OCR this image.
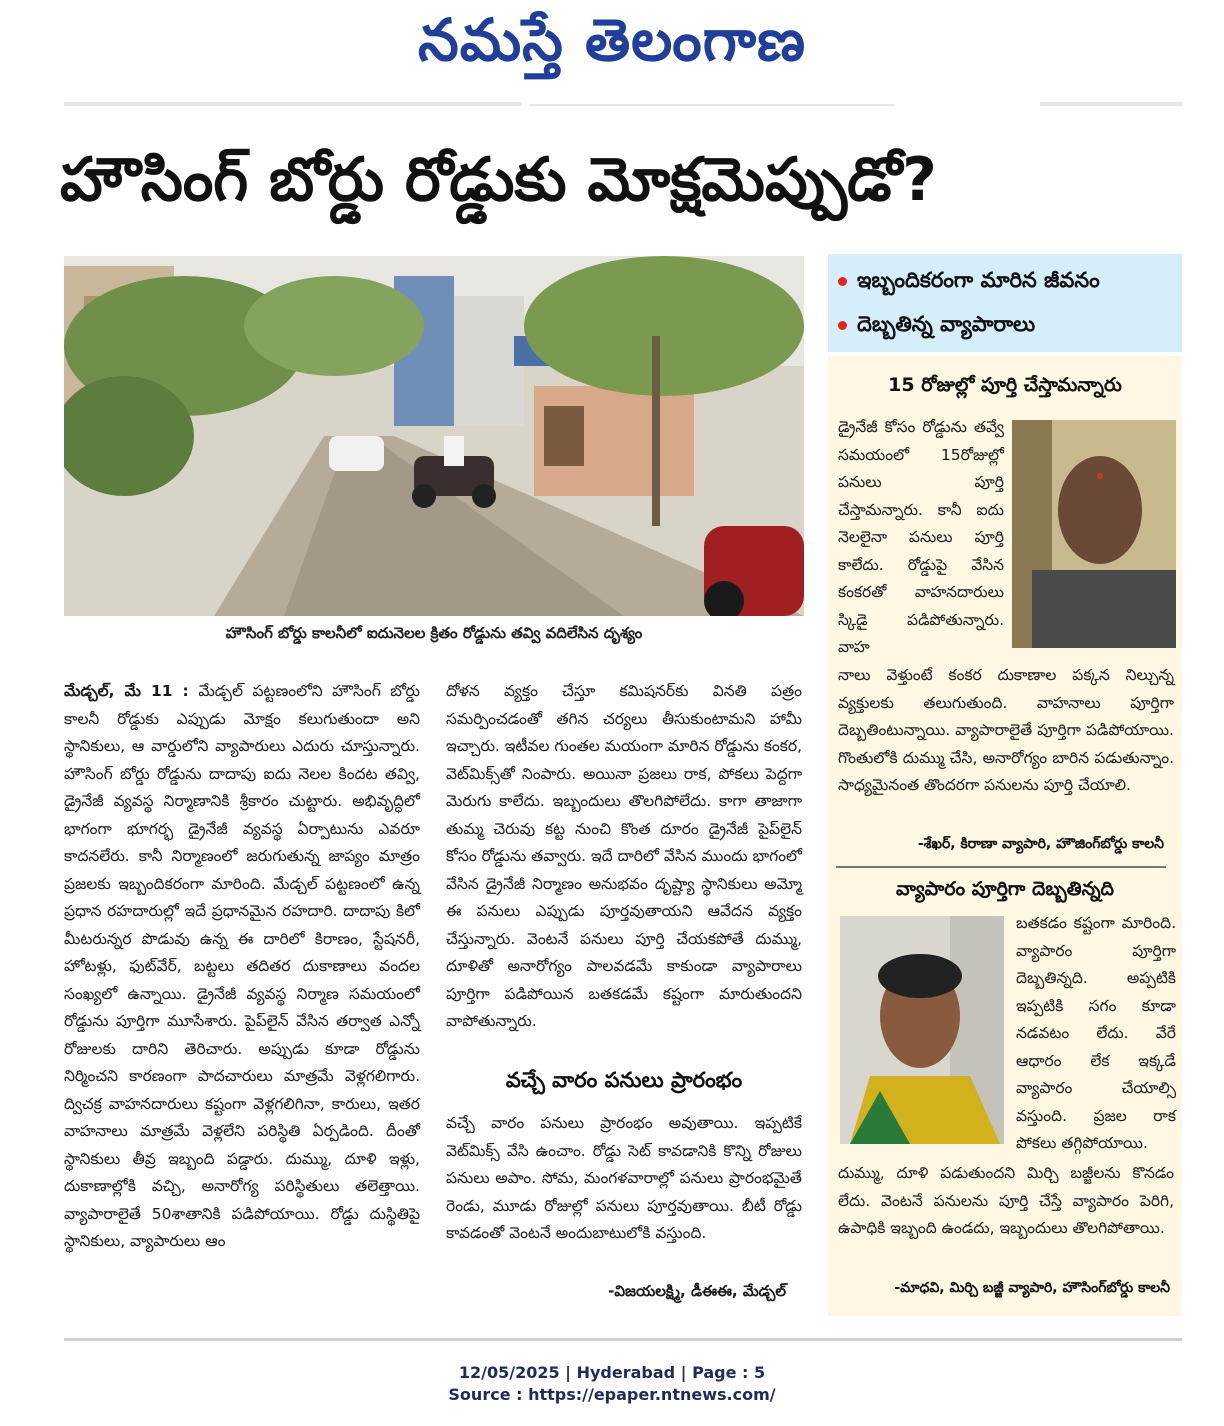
నమస్తే తెలంగాణ
హౌసింగ్ బోర్డు రోడ్డుకు మోక్షమెప్పుడో?
హౌసింగ్ బోర్డు కాలనీలో ఐదునెలల క్రితం రోడ్డును తవ్వి వదిలేసిన దృశ్యం

మేడ్చల్, మే 11 : మేడ్చల్ పట్టణంలోని హౌసింగ్ బోర్డు కాలనీ రోడ్డుకు ఎప్పుడు మోక్షం కలుగుతుందా అని స్థానికులు, ఆ వార్డులోని వ్యాపారులు ఎదురు చూస్తున్నారు. హౌసింగ్ బోర్డు రోడ్డును దాదాపు ఐదు నెలల కిందట తవ్వి, డ్రైనేజీ వ్యవస్థ నిర్మాణానికి శ్రీకారం చుట్టారు. అభివృద్ధిలో భాగంగా భూగర్భ డ్రైనేజీ వ్యవస్థ ఏర్పాటును ఎవరూ కాదనలేరు. కానీ నిర్మాణంలో జరుగుతున్న జాప్యం మాత్రం ప్రజలకు ఇబ్బందికరంగా మారింది. మేడ్చల్ పట్టణంలో ఉన్న ప్రధాన రహదారుల్లో ఇదే ప్రధానమైన రహదారి. దాదాపు కిలో మీటరున్నర పొడువు ఉన్న ఈ దారిలో కిరాణం, స్టేషనరీ, హోటళ్లు, ఫుట్‌వేర్, బట్టలు తదితర దుకాణాలు వందల సంఖ్యలో ఉన్నాయి. డ్రైనేజీ వ్యవస్థ నిర్మాణ సమయంలో రోడ్డును పూర్తిగా మూసేశారు. పైప్‌లైన్ వేసిన తర్వాత ఎన్నో రోజులకు దారిని తెరిచారు. అప్పుడు కూడా రోడ్డును నిర్మించని కారణంగా పాదచారులు మాత్రమే వెళ్లగలిగారు. ద్విచక్ర వాహనదారులు కష్టంగా వెళ్లగలిగినా, కారులు, ఇతర వాహనాలు మాత్రమే వెళ్లలేని పరిస్థితి ఏర్పడింది. దీంతో స్థానికులు తీవ్ర ఇబ్బంది పడ్డారు. దుమ్ము, దూళి ఇళ్లు, దుకాణాల్లోకి వచ్చి, అనారోగ్య పరిస్థితులు తలెత్తాయి. వ్యాపారాలైతే 50శాతానికి పడిపోయాయి. రోడ్డు దుస్థితిపై స్థానికులు, వ్యాపారులు ఆం

దోళన వ్యక్తం చేస్తూ కమిషనర్‌కు వినతి పత్రం సమర్పించడంతో తగిన చర్యలు తీసుకుంటామని హామీ ఇచ్చారు. ఇటీవల గుంతల మయంగా మారిన రోడ్డును కంకర, వెట్‌మిక్స్‌తో నింపారు. అయినా ప్రజలు రాక, పోకలు పెద్దగా మెరుగు కాలేదు. ఇబ్బందులు తొలగిపోలేదు. కాగా తాజాగా తుమ్మ చెరువు కట్ట నుంచి కొంత దూరం డ్రైనేజీ పైప్‌లైన్ కోసం రోడ్డును తవ్వారు. ఇదే దారిలో వేసిన ముందు భాగంలో వేసిన డ్రైనేజీ నిర్మాణం అనుభవం దృష్ట్యా స్థానికులు అమ్మో ఈ పనులు ఎప్పుడు పూర్తవుతాయని ఆవేదన వ్యక్తం చేస్తున్నారు. వెంటనే పనులు పూర్తి చేయకపోతే దుమ్ము, దూళితో అనారోగ్యం పాలవడమే కాకుండా వ్యాపారాలు పూర్తిగా పడిపోయిన బతకడమే కష్టంగా మారుతుందని వాపోతున్నారు.

వచ్చే వారం పనులు ప్రారంభం
వచ్చే వారం పనులు ప్రారంభం అవుతాయి. ఇప్పటికే వెట్‌మిక్స్ వేసి ఉంచాం. రోడ్డు సెట్ కావడానికి కొన్ని రోజులు పనులు అపాం. సోమ, మంగళవారాల్లో పనులు ప్రారంభమైతే రెండు, మూడు రోజుల్లో పనులు పూర్తవుతాయి. బీటీ రోడ్డు కావడంతో వెంటనే అందుబాటులోకి వస్తుంది.
-విజయలక్ష్మి, డీఈఈ, మేడ్చల్
ఇబ్బందికరంగా మారిన జీవనం
దెబ్బతిన్న వ్యాపారాలు
15 రోజుల్లో పూర్తి చేస్తామన్నారు
డ్రైనేజీ కోసం రోడ్డును తవ్వే సమయంలో 15రోజుల్లో పనులు పూర్తి చేస్తామన్నారు. కానీ ఐదు నెలలైనా పనులు పూర్తి కాలేదు. రోడ్డుపై వేసిన కంకరతో వాహనదారులు స్కిడై పడిపోతున్నారు. వాహ
నాలు వెళ్తుంటే కంకర దుకాణాల పక్కన నిల్చున్న వ్యక్తులకు తలుగుతుంది. వాహనాలు పూర్తిగా దెబ్బతింటున్నాయి. వ్యాపారాలైతే పూర్తిగా పడిపోయాయి. గొంతులోకి దుమ్ము చేసి, అనారోగ్యం బారిన పడుతున్నాం. సాధ్యమైనంత తొందరగా పనులను పూర్తి చేయాలి.
-శేఖర్, కిరాణా వ్యాపారి, హౌజింగ్‌బోర్డు కాలనీ
వ్యాపారం పూర్తిగా దెబ్బతిన్నది
బతకడం కష్టంగా మారింది. వ్యాపారం పూర్తిగా దెబ్బతిన్నది. అప్పటికి ఇప్పటికి సగం కూడా నడవటం లేదు. వేరే ఆధారం లేక ఇక్కడే వ్యాపారం చేయాల్సి వస్తుంది. ప్రజల రాక పోకలు తగ్గిపోయాయి.
దుమ్ము, దూళి పడుతుందని మిర్చి బజ్జీలను కొనడం లేదు. వెంటనే పనులను పూర్తి చేస్తే వ్యాపారం పెరిగి, ఉపాధికి ఇబ్బంది ఉండదు, ఇబ్బందులు తొలగిపోతాయి.
-మాధవి, మిర్చి బజ్జీ వ్యాపారి, హౌసింగ్‌బోర్డు కాలనీ
12/05/2025 | Hyderabad | Page : 5
Source : https://epaper.ntnews.com/
